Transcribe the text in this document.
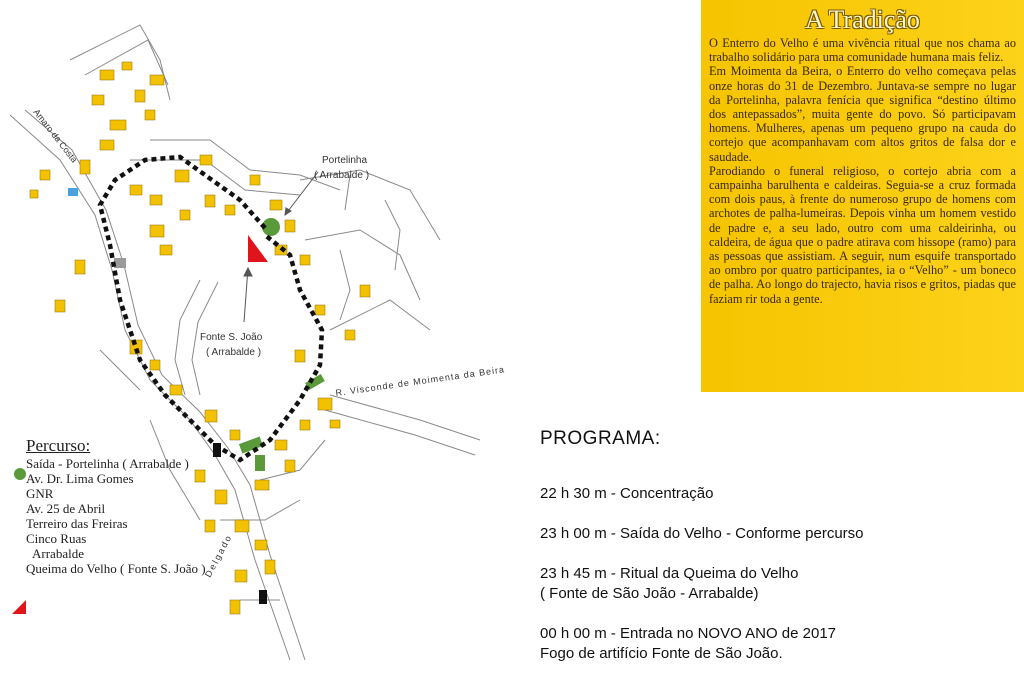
Portelinha
( Arrabalde )
Fonte S. João
( Arrabalde )
Amaro da Costa
R. Visconde de Moimenta da Beira
Delgado
Percurso:
Saída - Portelinha ( Arrabalde )
Av. Dr. Lima Gomes
GNR
Av. 25 de Abril
Terreiro das Freiras
Cinco Ruas
Arrabalde
Queima do Velho ( Fonte S. João )
A Tradição

O Enterro do Velho é uma vivência ritual que nos chama ao trabalho solidário para uma comunidade humana mais feliz.

Em Moimenta da Beira, o Enterro do velho começava pelas onze horas do 31 de Dezembro. Juntava-se sempre no lugar da Portelinha, palavra fenícia que significa “destino último dos antepassados”, muita gente do povo. Só participavam homens. Mulheres, apenas um pequeno grupo na cauda do cortejo que acompanhavam com altos gritos de falsa dor e saudade.

Parodiando o funeral religioso, o cortejo abria com a campainha barulhenta e caldeiras. Seguia-se a cruz formada com dois paus, à frente do numeroso grupo de homens com archotes de palha-lumeiras. Depois vinha um homem vestido de padre e, a seu lado, outro com uma caldeirinha, ou caldeira, de água que o padre atirava com hissope (ramo) para as pessoas que assistiam. A seguir, num esquife transportado ao ombro por quatro participantes, ia o “Velho” - um boneco de palha. Ao longo do trajecto, havia risos e gritos, piadas que faziam rir toda a gente.

PROGRAMA:
22 h 30 m - Concentração
23 h 00 m - Saída do Velho - Conforme percurso
23 h 45 m - Ritual da Queima do Velho
( Fonte de São João - Arrabalde)
00 h 00 m - Entrada no NOVO ANO de 2017
Fogo de artifício Fonte de São João.
